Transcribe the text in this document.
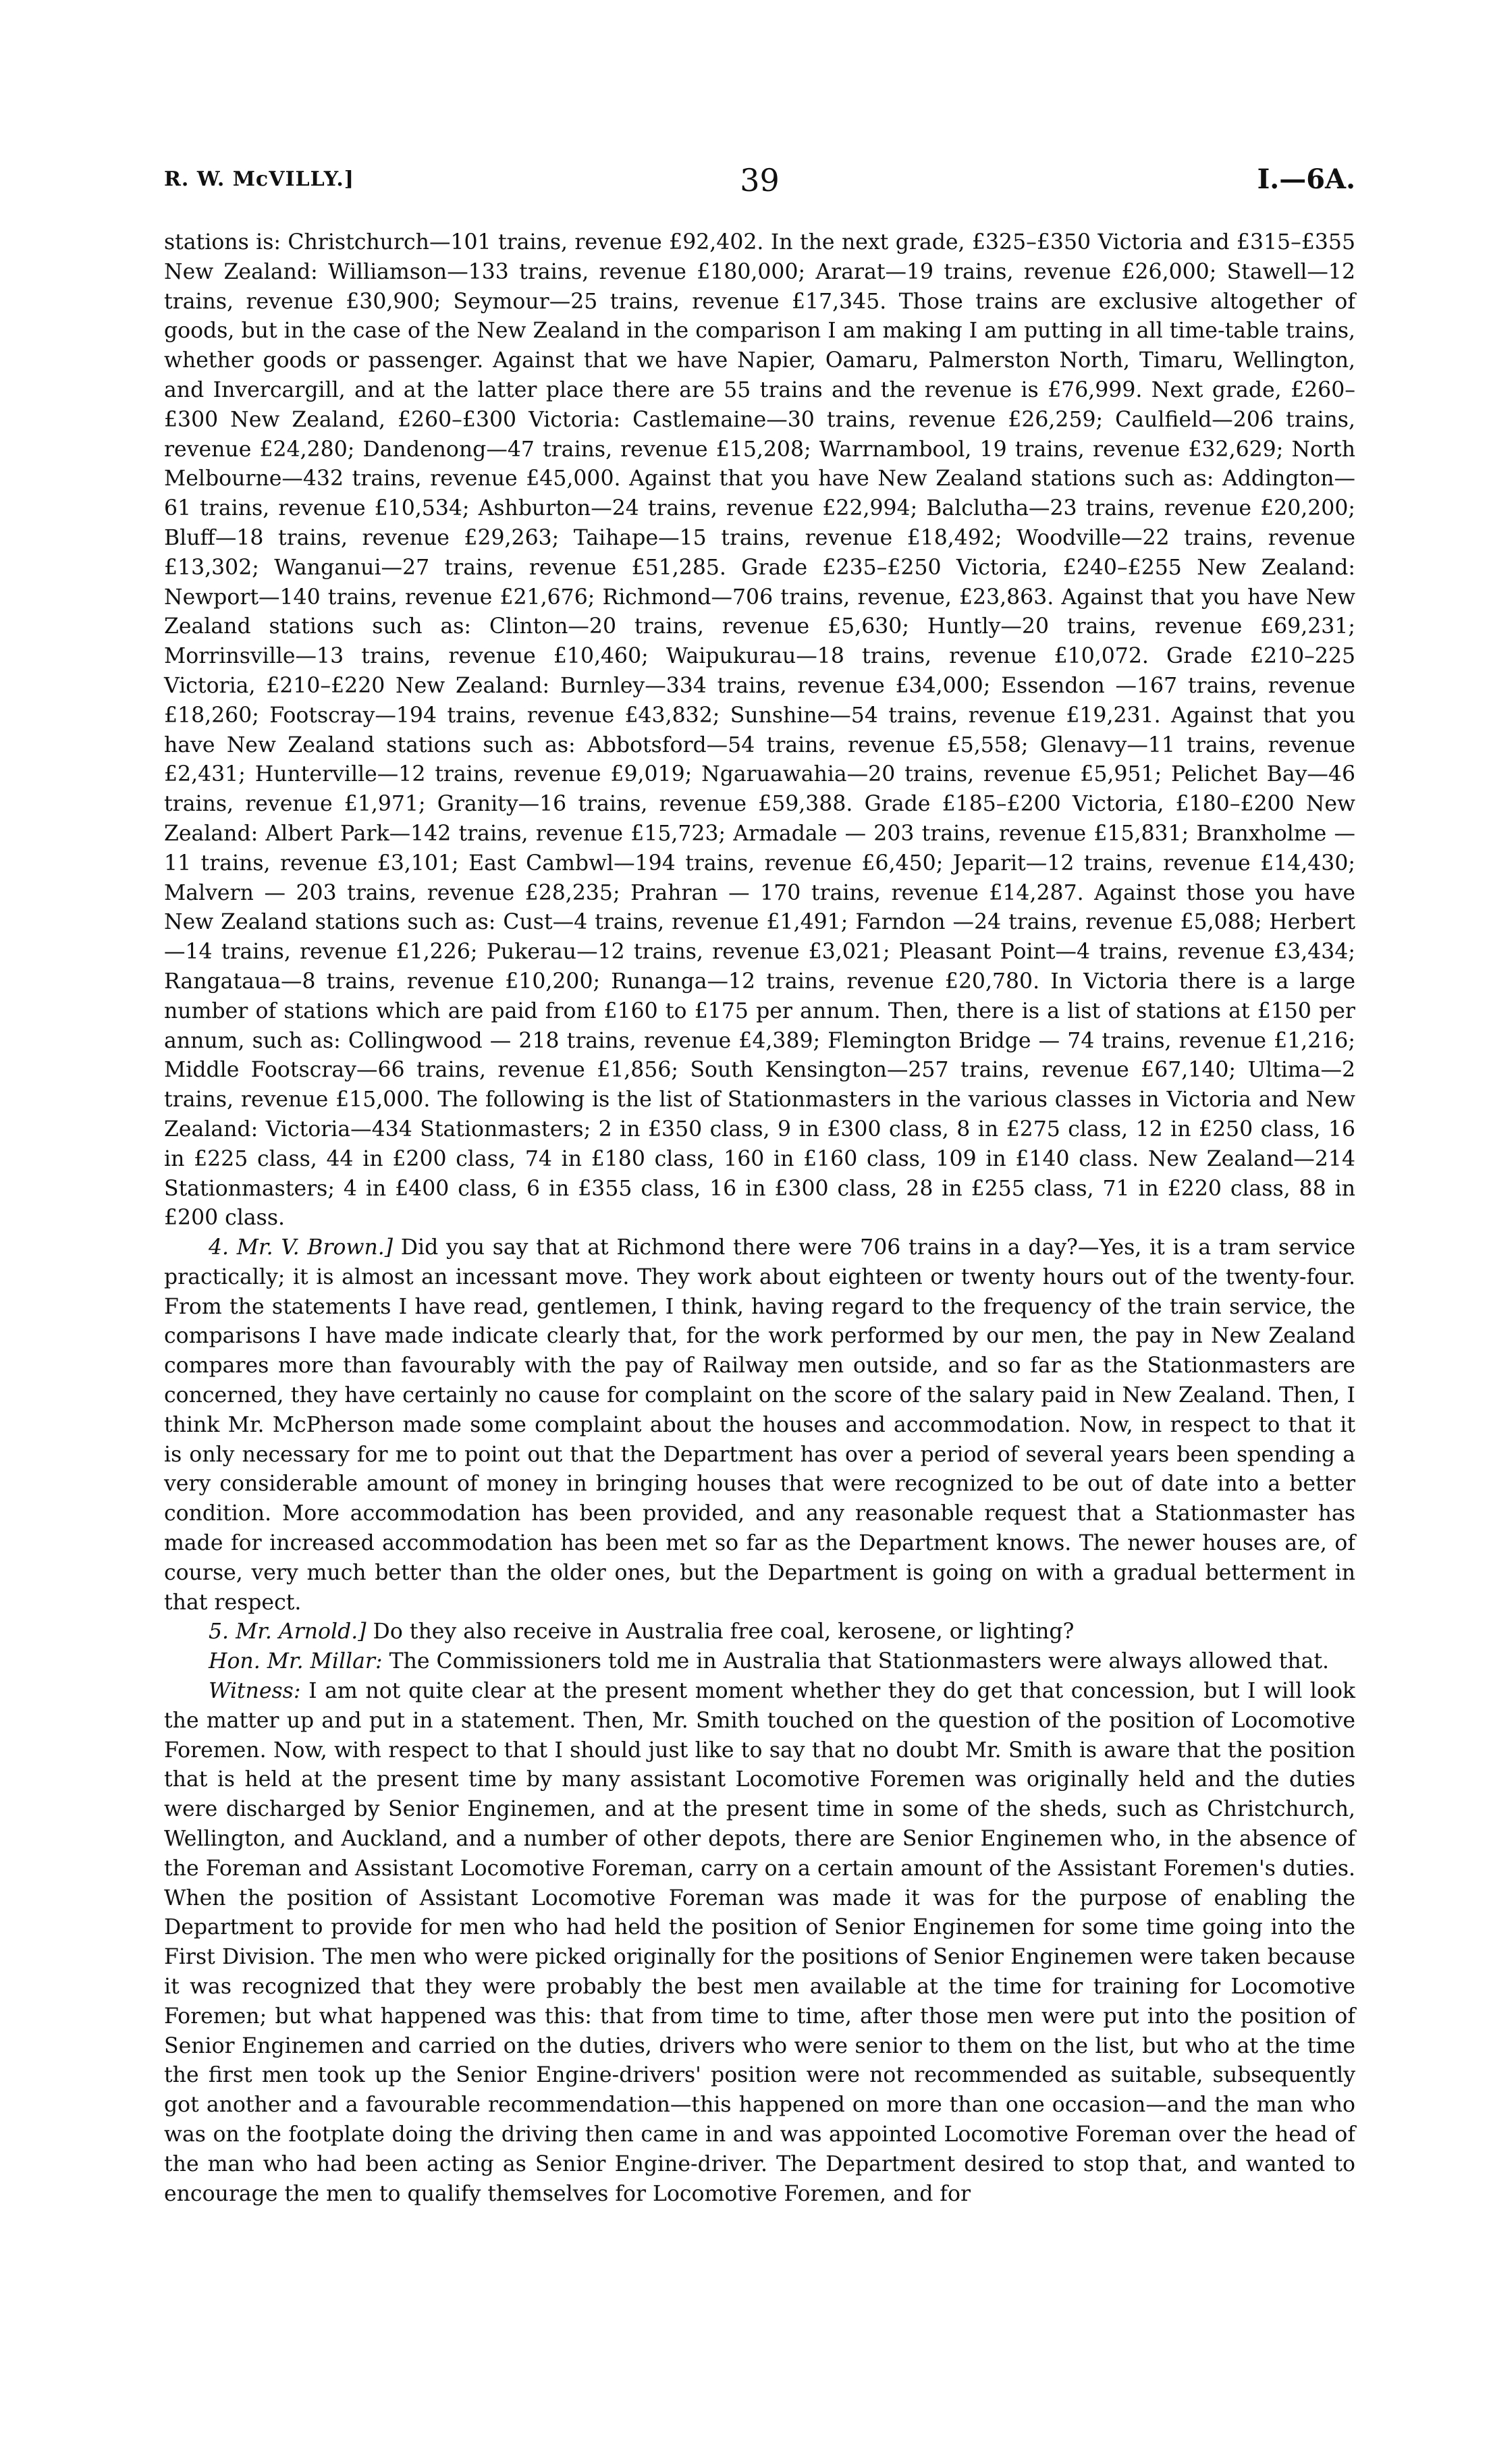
R. W. McVILLY.]	39	I.—6A.

stations is: Christchurch—101 trains, revenue £92,402. In the next grade, £325–£350 Victoria and £315–£355 New Zealand: Williamson—133 trains, revenue £180,000; Ararat—19 trains, revenue £26,000; Stawell—12 trains, revenue £30,900; Seymour—25 trains, revenue £17,345. Those trains are exclusive altogether of goods, but in the case of the New Zealand in the comparison I am making I am putting in all time-table trains, whether goods or passenger. Against that we have Napier, Oamaru, Palmerston North, Timaru, Wellington, and Invercargill, and at the latter place there are 55 trains and the revenue is £76,999. Next grade, £260–£300 New Zealand, £260–£300 Victoria: Castlemaine—30 trains, revenue £26,259; Caulfield—206 trains, revenue £24,280; Dandenong—47 trains, revenue £15,208; Warrnambool, 19 trains, revenue £32,629; North Melbourne—432 trains, revenue £45,000. Against that you have New Zealand stations such as: Addington—61 trains, revenue £10,534; Ashburton—24 trains, revenue £22,994; Balclutha—23 trains, revenue £20,200; Bluff—18 trains, revenue £29,263; Taihape—15 trains, revenue £18,492; Woodville—22 trains, revenue £13,302; Wanganui—27 trains, revenue £51,285. Grade £235–£250 Victoria, £240–£255 New Zealand: Newport—140 trains, revenue £21,676; Richmond—706 trains, revenue, £23,863. Against that you have New Zealand stations such as: Clinton—20 trains, revenue £5,630; Huntly—20 trains, revenue £69,231; Morrinsville—13 trains, revenue £10,460; Waipukurau—18 trains, revenue £10,072. Grade £210–225 Victoria, £210–£220 New Zealand: Burnley—334 trains, revenue £34,000; Essendon —167 trains, revenue £18,260; Footscray—194 trains, revenue £43,832; Sunshine—54 trains, revenue £19,231. Against that you have New Zealand stations such as: Abbotsford—54 trains, revenue £5,558; Glenavy—11 trains, revenue £2,431; Hunterville—12 trains, revenue £9,019; Ngaruawahia—20 trains, revenue £5,951; Pelichet Bay—46 trains, revenue £1,971; Granity—16 trains, revenue £59,388. Grade £185–£200 Victoria, £180–£200 New Zealand: Albert Park—142 trains, revenue £15,723; Armadale — 203 trains, revenue £15,831; Branxholme — 11 trains, revenue £3,101; East Cambwl—194 trains, revenue £6,450; Jeparit—12 trains, revenue £14,430; Malvern — 203 trains, revenue £28,235; Prahran — 170 trains, revenue £14,287. Against those you have New Zealand stations such as: Cust—4 trains, revenue £1,491; Farndon —24 trains, revenue £5,088; Herbert—14 trains, revenue £1,226; Pukerau—12 trains, revenue £3,021; Pleasant Point—4 trains, revenue £3,434; Rangataua—8 trains, revenue £10,200; Runanga—12 trains, revenue £20,780. In Victoria there is a large number of stations which are paid from £160 to £175 per annum. Then, there is a list of stations at £150 per annum, such as: Collingwood — 218 trains, revenue £4,389; Flemington Bridge — 74 trains, revenue £1,216; Middle Footscray—66 trains, revenue £1,856; South Kensington—257 trains, revenue £67,140; Ultima—2 trains, revenue £15,000. The following is the list of Stationmasters in the various classes in Victoria and New Zealand: Victoria—434 Stationmasters; 2 in £350 class, 9 in £300 class, 8 in £275 class, 12 in £250 class, 16 in £225 class, 44 in £200 class, 74 in £180 class, 160 in £160 class, 109 in £140 class. New Zealand—214 Stationmasters; 4 in £400 class, 6 in £355 class, 16 in £300 class, 28 in £255 class, 71 in £220 class, 88 in £200 class.

4. Mr. V. Brown.] Did you say that at Richmond there were 706 trains in a day?—Yes, it is a tram service practically; it is almost an incessant move. They work about eighteen or twenty hours out of the twenty-four. From the statements I have read, gentlemen, I think, having regard to the frequency of the train service, the comparisons I have made indicate clearly that, for the work performed by our men, the pay in New Zealand compares more than favourably with the pay of Railway men outside, and so far as the Stationmasters are concerned, they have certainly no cause for complaint on the score of the salary paid in New Zealand. Then, I think Mr. McPherson made some complaint about the houses and accommodation. Now, in respect to that it is only necessary for me to point out that the Department has over a period of several years been spending a very considerable amount of money in bringing houses that were recognized to be out of date into a better condition. More accommodation has been provided, and any reasonable request that a Stationmaster has made for increased accommodation has been met so far as the Department knows. The newer houses are, of course, very much better than the older ones, but the Department is going on with a gradual betterment in that respect.

5. Mr. Arnold.] Do they also receive in Australia free coal, kerosene, or lighting?

Hon. Mr. Millar: The Commissioners told me in Australia that Stationmasters were always allowed that.

Witness: I am not quite clear at the present moment whether they do get that concession, but I will look the matter up and put in a statement. Then, Mr. Smith touched on the question of the position of Locomotive Foremen. Now, with respect to that I should just like to say that no doubt Mr. Smith is aware that the position that is held at the present time by many assistant Locomotive Foremen was originally held and the duties were discharged by Senior Enginemen, and at the present time in some of the sheds, such as Christchurch, Wellington, and Auckland, and a number of other depots, there are Senior Enginemen who, in the absence of the Foreman and Assistant Locomotive Foreman, carry on a certain amount of the Assistant Foremen's duties. When the position of Assistant Locomotive Foreman was made it was for the purpose of enabling the Department to provide for men who had held the position of Senior Enginemen for some time going into the First Division. The men who were picked originally for the positions of Senior Enginemen were taken because it was recognized that they were probably the best men available at the time for training for Locomotive Foremen; but what happened was this: that from time to time, after those men were put into the position of Senior Enginemen and carried on the duties, drivers who were senior to them on the list, but who at the time the first men took up the Senior Engine-drivers' position were not recommended as suitable, subsequently got another and a favourable recommendation—this happened on more than one occasion—and the man who was on the footplate doing the driving then came in and was appointed Locomotive Foreman over the head of the man who had been acting as Senior Engine-driver. The Department desired to stop that, and wanted to encourage the men to qualify themselves for Locomotive Foremen, and for
